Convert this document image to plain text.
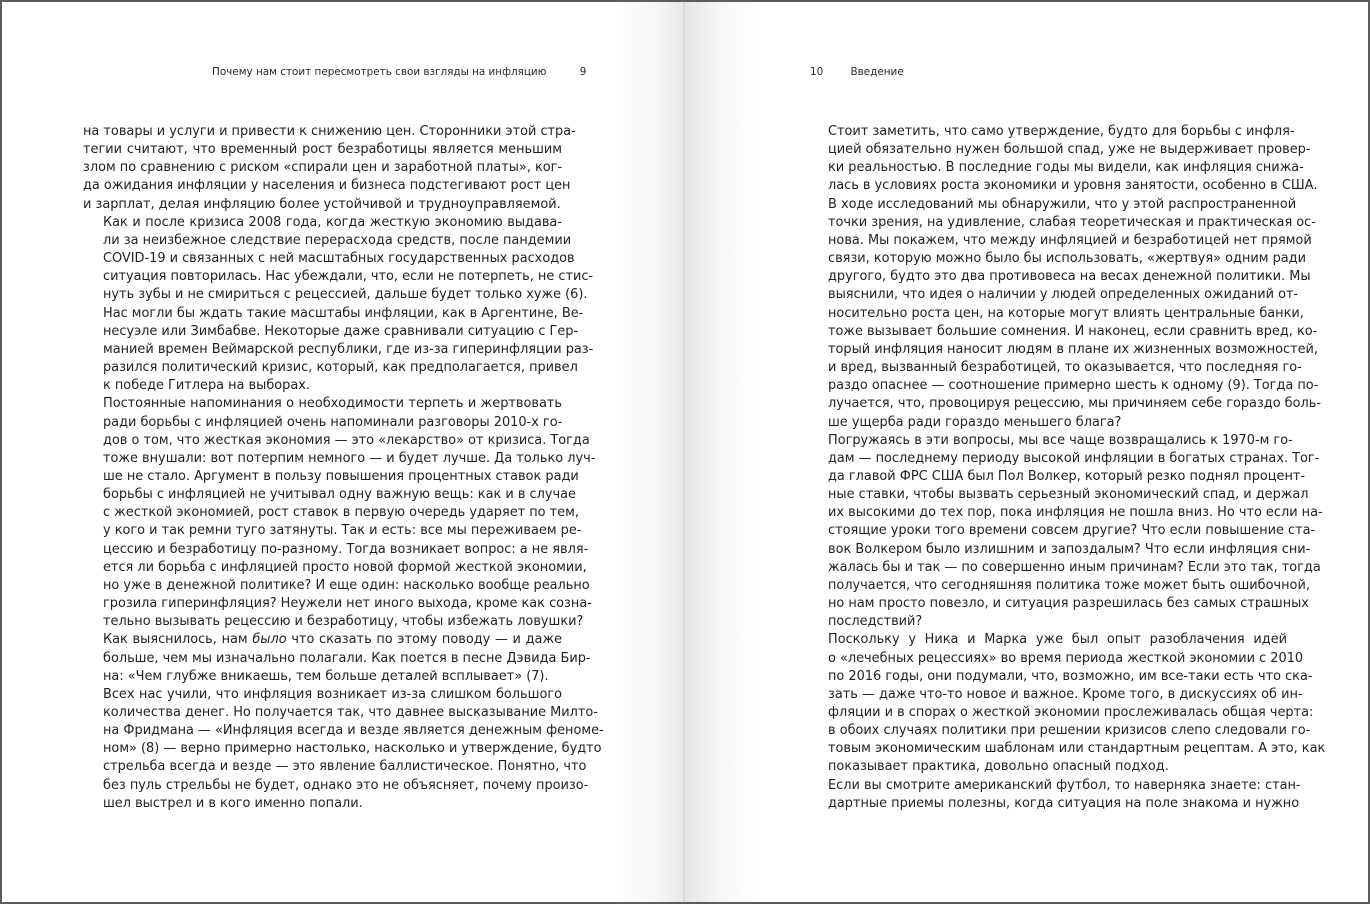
Почему нам стоит пересмотреть свои взгляды на инфляцию	9

на товары и услуги и привести к снижению цен. Сторонники этой стра-
тегии считают, что временный рост безработицы является меньшим
злом по сравнению с риском «спирали цен и заработной платы», ког-
да ожидания инфляции у населения и бизнеса подстегивают рост цен
и зарплат, делая инфляцию более устойчивой и трудноуправляемой.

Как и после кризиса 2008 года, когда жесткую экономию выдава-
ли за неизбежное следствие перерасхода средств, после пандемии
COVID-19 и связанных с ней масштабных государственных расходов
ситуация повторилась. Нас убеждали, что, если не потерпеть, не стис-
нуть зубы и не смириться с рецессией, дальше будет только хуже (6).
Нас могли бы ждать такие масштабы инфляции, как в Аргентине, Ве-
несуэле или Зимбабве. Некоторые даже сравнивали ситуацию с Гер-
манией времен Веймарской республики, где из-за гиперинфляции раз-
разился политический кризис, который, как предполагается, привел
к победе Гитлера на выборах.

Постоянные напоминания о необходимости терпеть и жертвовать
ради борьбы с инфляцией очень напоминали разговоры 2010-х го-
дов о том, что жесткая экономия — это «лекарство» от кризиса. Тогда
тоже внушали: вот потерпим немного — и будет лучше. Да только луч-
ше не стало. Аргумент в пользу повышения процентных ставок ради
борьбы с инфляцией не учитывал одну важную вещь: как и в случае
с жесткой экономией, рост ставок в первую очередь ударяет по тем,
у кого и так ремни туго затянуты. Так и есть: все мы переживаем ре-
цессию и безработицу по-разному. Тогда возникает вопрос: а не явля-
ется ли борьба с инфляцией просто новой формой жесткой экономии,
но уже в денежной политике? И еще один: насколько вообще реально
грозила гиперинфляция? Неужели нет иного выхода, кроме как созна-
тельно вызывать рецессию и безработицу, чтобы избежать ловушки?

Как выяснилось, нам было что сказать по этому поводу — и даже
больше, чем мы изначально полагали. Как поется в песне Дэвида Бир-
на: «Чем глубже вникаешь, тем больше деталей всплывает» (7).

Всех нас учили, что инфляция возникает из-за слишком большого
количества денег. Но получается так, что давнее высказывание Милто-
на Фридмана — «Инфляция всегда и везде является денежным феноме-
ном» (8) — верно примерно настолько, насколько и утверждение, будто
стрельба всегда и везде — это явление баллистическое. Понятно, что
без пуль стрельбы не будет, однако это не объясняет, почему произо-
шел выстрел и в кого именно попали.

10	Введение

Стоит заметить, что само утверждение, будто для борьбы с инфля-
цией обязательно нужен большой спад, уже не выдерживает провер-
ки реальностью. В последние годы мы видели, как инфляция снижа-
лась в условиях роста экономики и уровня занятости, особенно в США.
В ходе исследований мы обнаружили, что у этой распространенной
точки зрения, на удивление, слабая теоретическая и практическая ос-
нова. Мы покажем, что между инфляцией и безработицей нет прямой
связи, которую можно было бы использовать, «жертвуя» одним ради
другого, будто это два противовеса на весах денежной политики. Мы
выяснили, что идея о наличии у людей определенных ожиданий от-
носительно роста цен, на которые могут влиять центральные банки,
тоже вызывает большие сомнения. И наконец, если сравнить вред, ко-
торый инфляция наносит людям в плане их жизненных возможностей,
и вред, вызванный безработицей, то оказывается, что последняя го-
раздо опаснее — соотношение примерно шесть к одному (9). Тогда по-
лучается, что, провоцируя рецессию, мы причиняем себе гораздо боль-
ше ущерба ради гораздо меньшего блага?

Погружаясь в эти вопросы, мы все чаще возвращались к 1970-м го-
дам — последнему периоду высокой инфляции в богатых странах. Тог-
да главой ФРС США был Пол Волкер, который резко поднял процент-
ные ставки, чтобы вызвать серьезный экономический спад, и держал
их высокими до тех пор, пока инфляция не пошла вниз. Но что если на-
стоящие уроки того времени совсем другие? Что если повышение ста-
вок Волкером было излишним и запоздалым? Что если инфляция сни-
жалась бы и так — по совершенно иным причинам? Если это так, тогда
получается, что сегодняшняя политика тоже может быть ошибочной,
но нам просто повезло, и ситуация разрешилась без самых страшных
последствий?

Поскольку у Ника и Марка уже был опыт разоблачения идей
о «лечебных рецессиях» во время периода жесткой экономии с 2010
по 2016 годы, они подумали, что, возможно, им все-таки есть что ска-
зать — даже что-то новое и важное. Кроме того, в дискуссиях об ин-
фляции и в спорах о жесткой экономии прослеживалась общая черта:
в обоих случаях политики при решении кризисов слепо следовали го-
товым экономическим шаблонам или стандартным рецептам. А это, как
показывает практика, довольно опасный подход.

Если вы смотрите американский футбол, то наверняка знаете: стан-
дартные приемы полезны, когда ситуация на поле знакома и нужно
